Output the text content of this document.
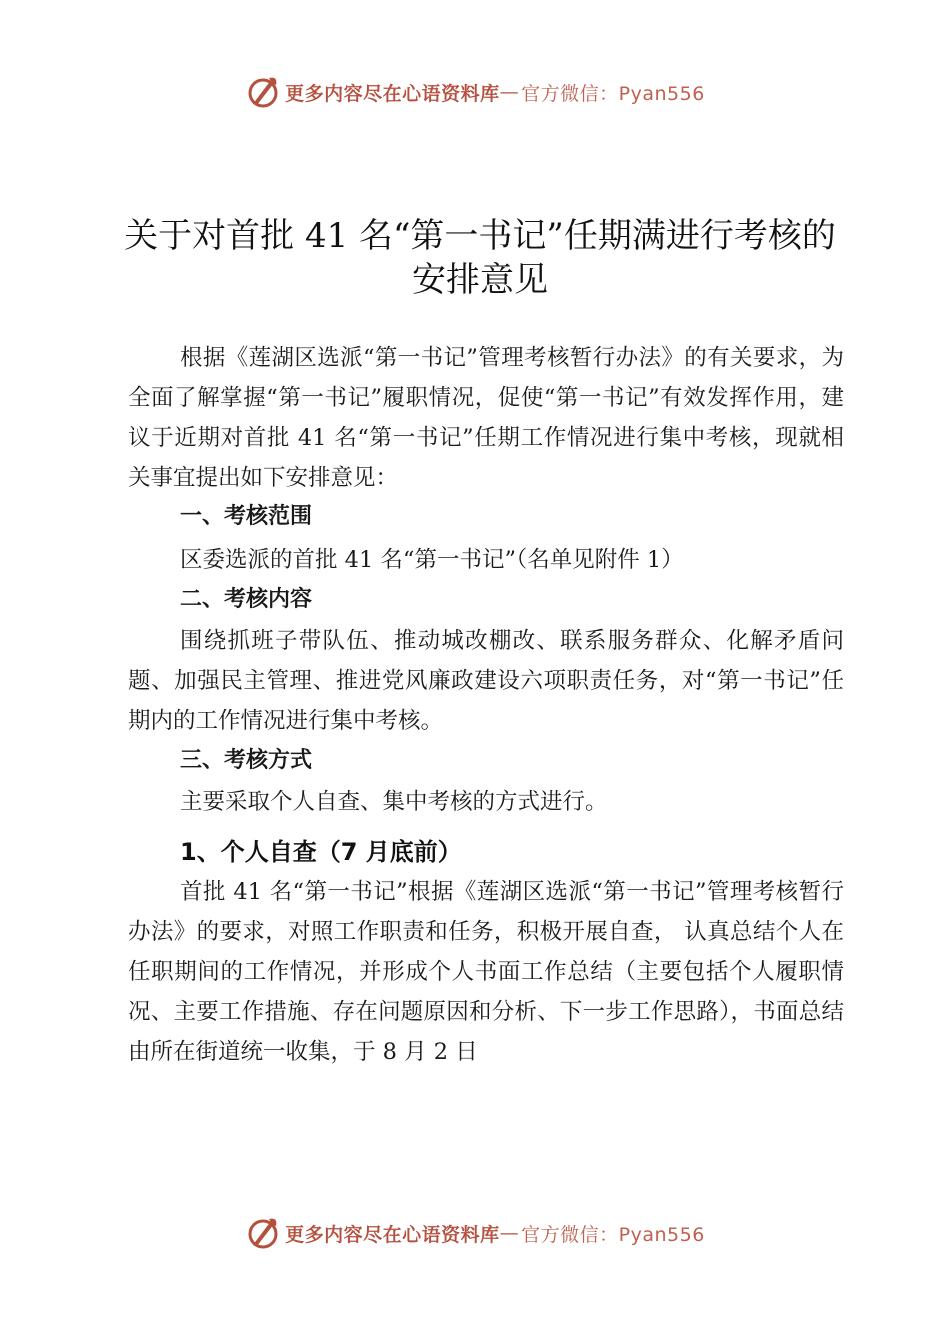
更多内容尽在心语资料库 — 官方微信：Pyan556
关于对首批 41 名“第一书记”任期满进行考核的安排意见

根据《莲湖区选派“第一书记”管理考核暂行办法》的有关要求，为全面了解掌握“第一书记”履职情况，促使“第一书记”有效发挥作用，建议于近期对首批 41 名“第一书记”任期工作情况进行集中考核，现就相关事宜提出如下安排意见：

一、考核范围

区委选派的首批 41 名“第一书记”（名单见附件 1）

二、考核内容

围绕抓班子带队伍、推动城改棚改、联系服务群众、化解矛盾问题、加强民主管理、推进党风廉政建设六项职责任务，对“第一书记”任期内的工作情况进行集中考核。

三、考核方式

主要采取个人自查、集中考核的方式进行。

1、个人自查（7 月底前）

首批 41 名“第一书记”根据《莲湖区选派“第一书记”管理考核暂行办法》的要求，对照工作职责和任务，积极开展自查， 认真总结个人在任职期间的工作情况，并形成个人书面工作总结（主要包括个人履职情况、主要工作措施、存在问题原因和分析、下一步工作思路），书面总结由所在街道统一收集，于 8 月 2 日

更多内容尽在心语资料库 — 官方微信：Pyan556
